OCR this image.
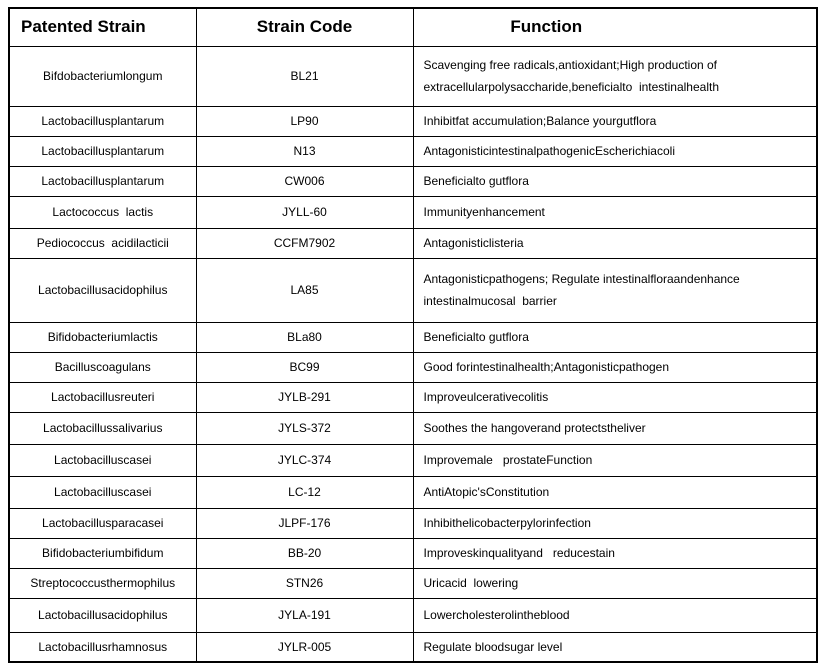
Patented Strain	Strain Code	Function
Bifdobacteriumlongum	BL21	Scavenging free radicals,antioxidant;High production of extracellularpolysaccharide,beneficialto  intestinalhealth
Lactobacillusplantarum	LP90	Inhibitfat accumulation;Balance yourgutflora
Lactobacillusplantarum	N13	AntagonisticintestinalpathogenicEscherichiacoli
Lactobacillusplantarum	CW006	Beneficialto gutflora
Lactococcus  lactis	JYLL-60	Immunityenhancement
Pediococcus  acidilacticii	CCFM7902	Antagonisticlisteria
Lactobacillusacidophilus	LA85	Antagonisticpathogens; Regulate intestinalfloraandenhance intestinalmucosal  barrier
Bifidobacteriumlactis	BLa80	Beneficialto gutflora
Bacilluscoagulans	BC99	Good forintestinalhealth;Antagonisticpathogen
Lactobacillusreuteri	JYLB-291	Improveulcerativecolitis
Lactobacillussalivarius	JYLS-372	Soothes the hangoverand protectstheliver
Lactobacilluscasei	JYLC-374	Improvemale   prostateFunction
Lactobacilluscasei	LC-12	AntiAtopic'sConstitution
Lactobacillusparacasei	JLPF-176	Inhibithelicobacterpylorinfection
Bifidobacteriumbifidum	BB-20	Improveskinqualityand   reducestain
Streptococcusthermophilus	STN26	Uricacid  lowering
Lactobacillusacidophilus	JYLA-191	Lowercholesterolintheblood
Lactobacillusrhamnosus	JYLR-005	Regulate bloodsugar level
